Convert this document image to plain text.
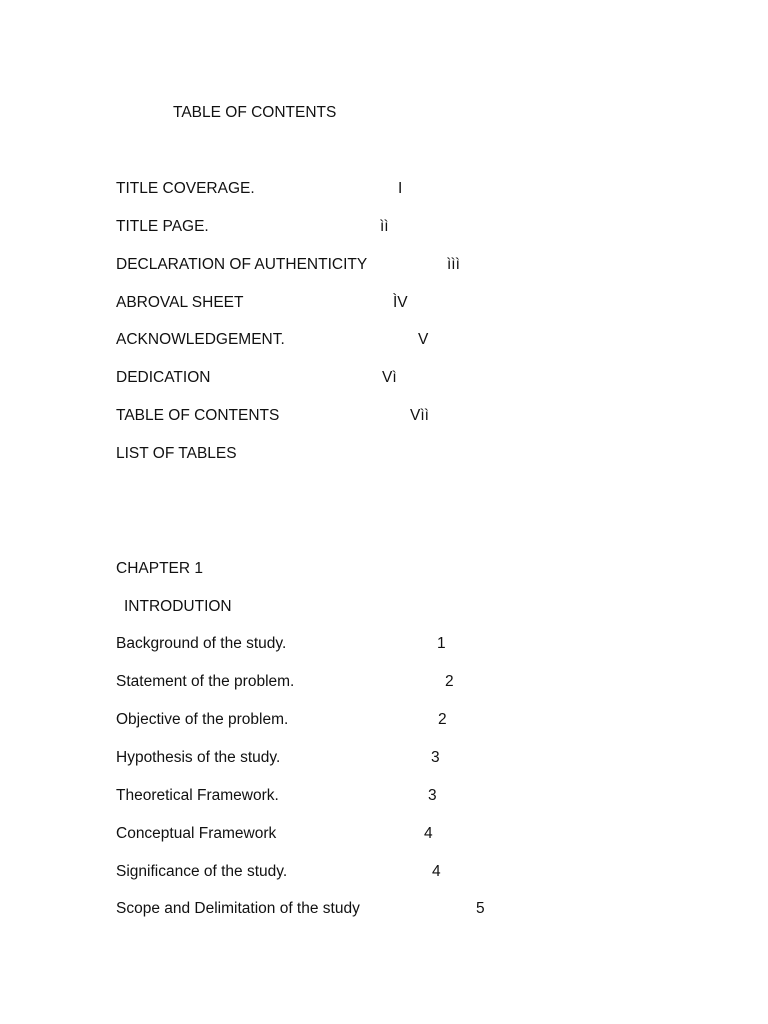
TABLE OF CONTENTS
TITLE COVERAGE.	I
TITLE PAGE.	ìì
DECLARATION OF AUTHENTICITY	ììì
ABROVAL SHEET	ÌV
ACKNOWLEDGEMENT.	V
DEDICATION	Vì
TABLE OF CONTENTS	Vìì
LIST OF TABLES
CHAPTER 1
INTRODUTION
Background of the study.	1
Statement of the problem.	2
Objective of the problem.	2
Hypothesis of the study.	3
Theoretical Framework.	3
Conceptual Framework	4
Significance of the study.	4
Scope and Delimitation of the study	5
